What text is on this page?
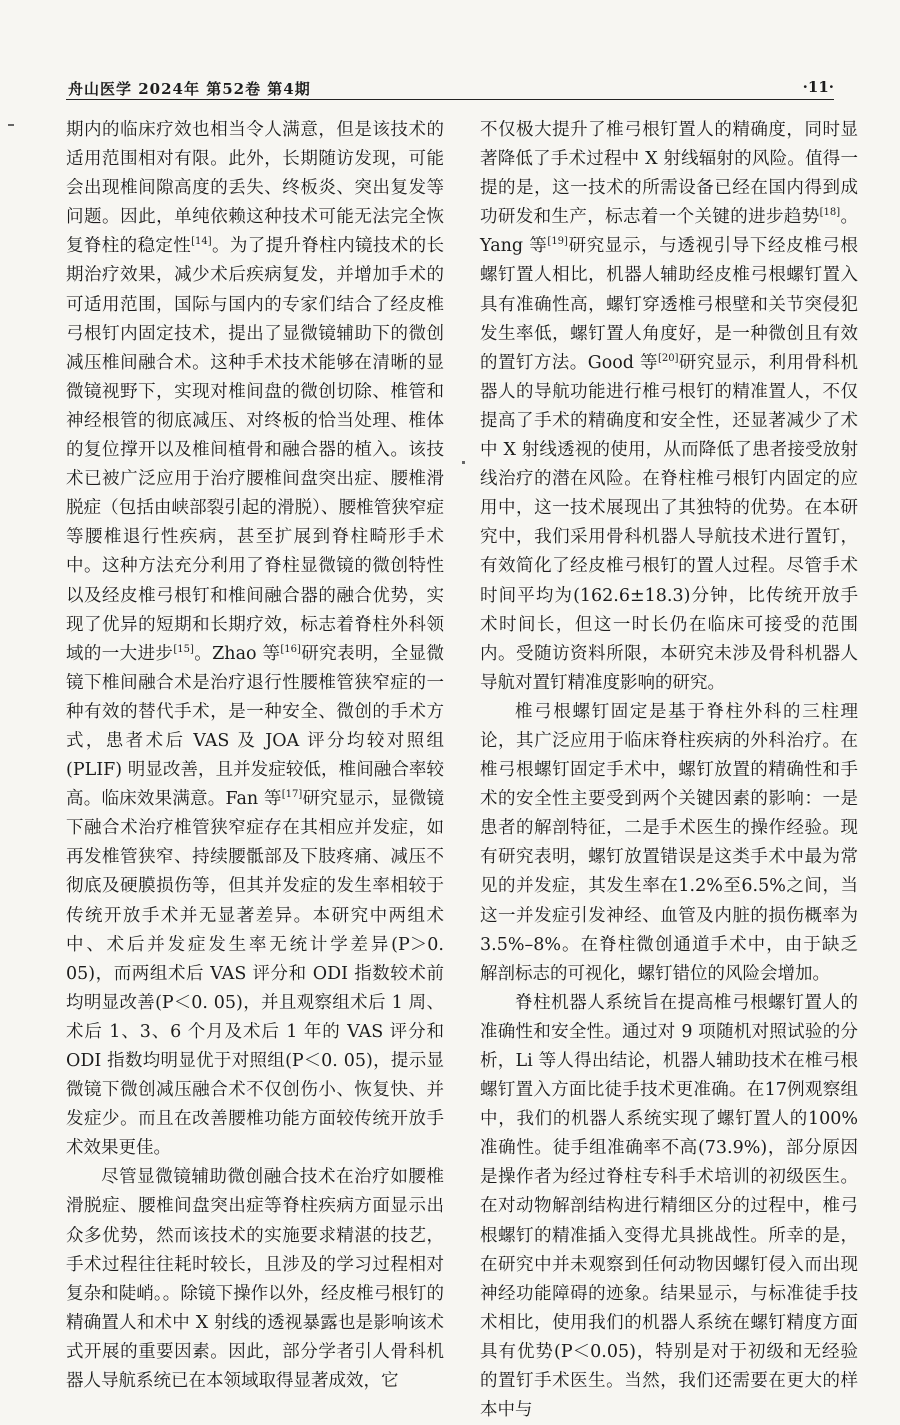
舟山医学 2024年 第52卷 第4期	·11·

期内的临床疗效也相当令人满意，但是该技术的适用范围相对有限。此外，长期随访发现，可能会出现椎间隙高度的丢失、终板炎、突出复发等问题。因此，单纯依赖这种技术可能无法完全恢复脊柱的稳定性[14]。为了提升脊柱内镜技术的长期治疗效果，减少术后疾病复发，并增加手术的可适用范围，国际与国内的专家们结合了经皮椎弓根钉内固定技术，提出了显微镜辅助下的微创减压椎间融合术。这种手术技术能够在清晰的显微镜视野下，实现对椎间盘的微创切除、椎管和神经根管的彻底减压、对终板的恰当处理、椎体的复位撑开以及椎间植骨和融合器的植入。该技术已被广泛应用于治疗腰椎间盘突出症、腰椎滑脱症（包括由峡部裂引起的滑脱）、腰椎管狭窄症等腰椎退行性疾病，甚至扩展到脊柱畸形手术中。这种方法充分利用了脊柱显微镜的微创特性以及经皮椎弓根钉和椎间融合器的融合优势，实现了优异的短期和长期疗效，标志着脊柱外科领域的一大进步[15]。Zhao 等[16]研究表明，全显微镜下椎间融合术是治疗退行性腰椎管狭窄症的一种有效的替代手术，是一种安全、微创的手术方式，患者术后 VAS 及 JOA 评分均较对照组(PLIF) 明显改善，且并发症较低，椎间融合率较高。临床效果满意。Fan 等[17]研究显示，显微镜下融合术治疗椎管狭窄症存在其相应并发症，如再发椎管狭窄、持续腰骶部及下肢疼痛、减压不彻底及硬膜损伤等，但其并发症的发生率相较于传统开放手术并无显著差异。本研究中两组术中、术后并发症发生率无统计学差异(P＞0. 05)，而两组术后 VAS 评分和 ODI 指数较术前均明显改善(P＜0. 05)，并且观察组术后 1 周、术后 1、3、6 个月及术后 1 年的 VAS 评分和 ODI 指数均明显优于对照组(P＜0. 05)，提示显微镜下微创减压融合术不仅创伤小、恢复快、并发症少。而且在改善腰椎功能方面较传统开放手术效果更佳。

尽管显微镜辅助微创融合技术在治疗如腰椎滑脱症、腰椎间盘突出症等脊柱疾病方面显示出众多优势，然而该技术的实施要求精湛的技艺，手术过程往往耗时较长，且涉及的学习过程相对复杂和陡峭。。除镜下操作以外，经皮椎弓根钉的精确置人和术中 X 射线的透视暴露也是影响该术式开展的重要因素。因此，部分学者引人骨科机器人导航系统已在本领域取得显著成效，它

不仅极大提升了椎弓根钉置人的精确度，同时显著降低了手术过程中 X 射线辐射的风险。值得一提的是，这一技术的所需设备已经在国内得到成功研发和生产，标志着一个关键的进步趋势[18]。Yang 等[19]研究显示，与透视引导下经皮椎弓根螺钉置人相比，机器人辅助经皮椎弓根螺钉置入具有准确性高，螺钉穿透椎弓根壁和关节突侵犯发生率低，螺钉置人角度好，是一种微创且有效的置钉方法。Good 等[20]研究显示，利用骨科机器人的导航功能进行椎弓根钉的精准置人，不仅提高了手术的精确度和安全性，还显著减少了术中 X 射线透视的使用，从而降低了患者接受放射线治疗的潜在风险。在脊柱椎弓根钉内固定的应用中，这一技术展现出了其独特的优势。在本研究中，我们采用骨科机器人导航技术进行置钉，有效简化了经皮椎弓根钉的置人过程。尽管手术时间平均为(162.6±18.3)分钟，比传统开放手术时间长，但这一时长仍在临床可接受的范围内。受随访资料所限，本研究未涉及骨科机器人导航对置钉精准度影响的研究。

椎弓根螺钉固定是基于脊柱外科的三柱理论，其广泛应用于临床脊柱疾病的外科治疗。在椎弓根螺钉固定手术中，螺钉放置的精确性和手术的安全性主要受到两个关键因素的影响：一是患者的解剖特征，二是手术医生的操作经验。现有研究表明，螺钉放置错误是这类手术中最为常见的并发症，其发生率在1.2%至6.5%之间，当这一并发症引发神经、血管及内脏的损伤概率为3.5%–8%。在脊柱微创通道手术中，由于缺乏解剖标志的可视化，螺钉错位的风险会增加。

脊柱机器人系统旨在提高椎弓根螺钉置人的准确性和安全性。通过对 9 项随机对照试验的分析，Li 等人得出结论，机器人辅助技术在椎弓根螺钉置入方面比徒手技术更准确。在17例观察组中，我们的机器人系统实现了螺钉置人的100%准确性。徒手组准确率不高(73.9%)，部分原因是操作者为经过脊柱专科手术培训的初级医生。在对动物解剖结构进行精细区分的过程中，椎弓根螺钉的精准插入变得尤具挑战性。所幸的是，在研究中并未观察到任何动物因螺钉侵入而出现神经功能障碍的迹象。结果显示，与标准徒手技术相比，使用我们的机器人系统在螺钉精度方面具有优势(P＜0.05)，特别是对于初级和无经验的置钉手术医生。当然，我们还需要在更大的样本中与
